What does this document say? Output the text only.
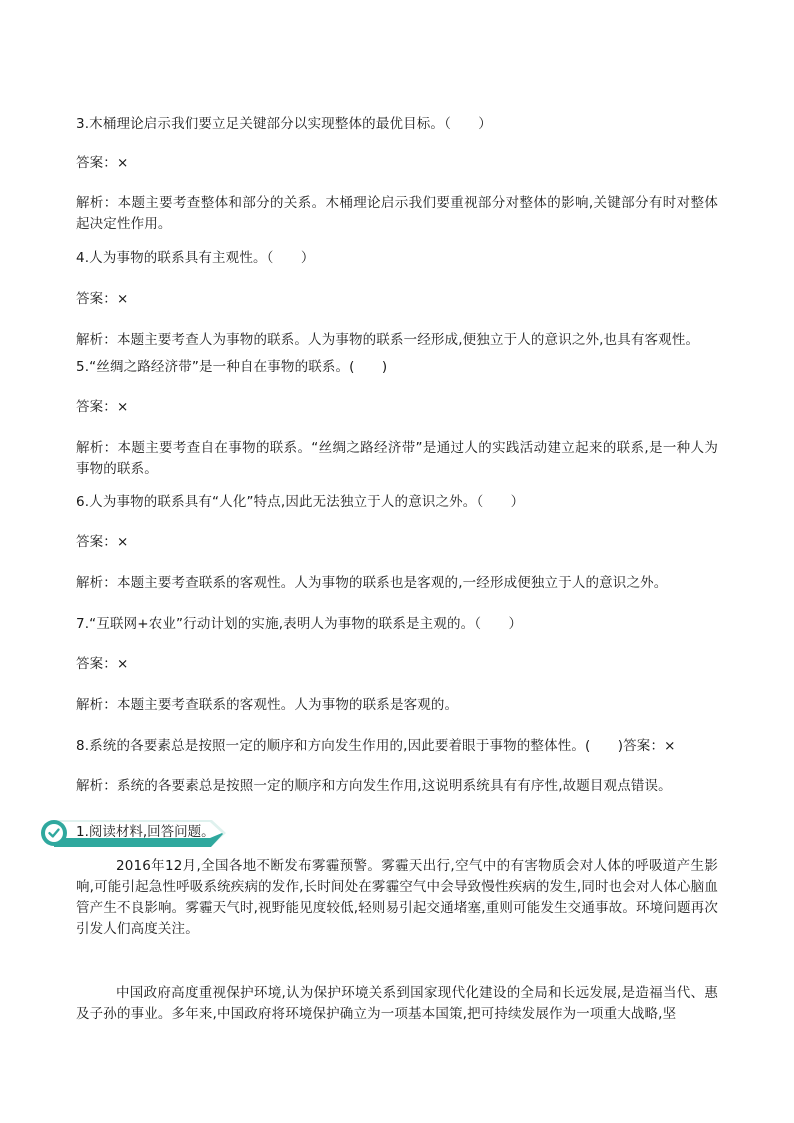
3.木桶理论启示我们要立足关键部分以实现整体的最优目标。（　　）
答案：×
解析：本题主要考查整体和部分的关系。木桶理论启示我们要重视部分对整体的影响,关键部分有时对整体起决定性作用。
4.人为事物的联系具有主观性。（　　）
答案：×
解析：本题主要考查人为事物的联系。人为事物的联系一经形成,便独立于人的意识之外,也具有客观性。
5.“丝绸之路经济带”是一种自在事物的联系。(　　)
答案：×
解析：本题主要考查自在事物的联系。“丝绸之路经济带”是通过人的实践活动建立起来的联系,是一种人为事物的联系。
6.人为事物的联系具有“人化”特点,因此无法独立于人的意识之外。（　　）
答案：×
解析：本题主要考查联系的客观性。人为事物的联系也是客观的,一经形成便独立于人的意识之外。
7.“互联网+农业”行动计划的实施,表明人为事物的联系是主观的。（　　）
答案：×
解析：本题主要考查联系的客观性。人为事物的联系是客观的。
8.系统的各要素总是按照一定的顺序和方向发生作用的,因此要着眼于事物的整体性。(　　)答案：×
解析：系统的各要素总是按照一定的顺序和方向发生作用,这说明系统具有有序性,故题目观点错误。
1.阅读材料,回答问题。
2016年12月,全国各地不断发布雾霾预警。雾霾天出行,空气中的有害物质会对人体的呼吸道产生影响,可能引起急性呼吸系统疾病的发作,长时间处在雾霾空气中会导致慢性疾病的发生,同时也会对人体心脑血管产生不良影响。雾霾天气时,视野能见度较低,轻则易引起交通堵塞,重则可能发生交通事故。环境问题再次引发人们高度关注。
中国政府高度重视保护环境,认为保护环境关系到国家现代化建设的全局和长远发展,是造福当代、惠及子孙的事业。多年来,中国政府将环境保护确立为一项基本国策,把可持续发展作为一项重大战略,坚
